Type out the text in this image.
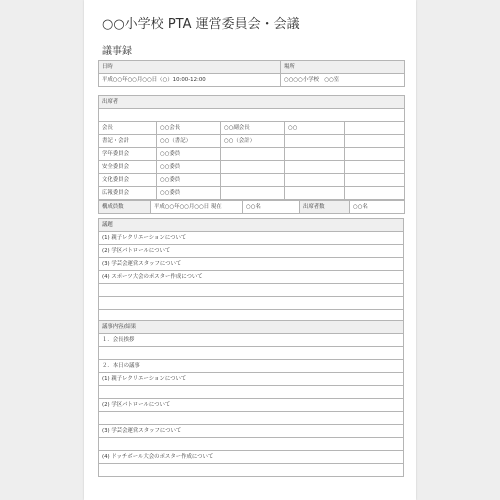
○○小学校 PTA 運営委員会・会議
議事録
日時	場所
平成○○年○○月○○日（○）10:00-12:00	○○○○小学校　○○室
出席者				

会長	○○会長	○○副会長	○○	
書記・会計	○○（書記）	○○（会計）		
学年委員会	○○委員			
安全委員会	○○委員			
文化委員会	○○委員			
広報委員会	○○委員			
構成員数	平成○○年○○月○○日 現在	○○名	出席者数	○○名
議題
(1) 親子レクリエーションについて
(2) 学区パトロールについて
(3) 学芸会運営スタッフについて
(4) スポーツ大会のポスター作成について

議事内容/結果
１．会長挨拶

２．本日の議事
(1) 親子レクリエーションについて

(2) 学区パトロールについて

(3) 学芸会運営スタッフについて

(4) ドッチボール大会のポスター作成について
